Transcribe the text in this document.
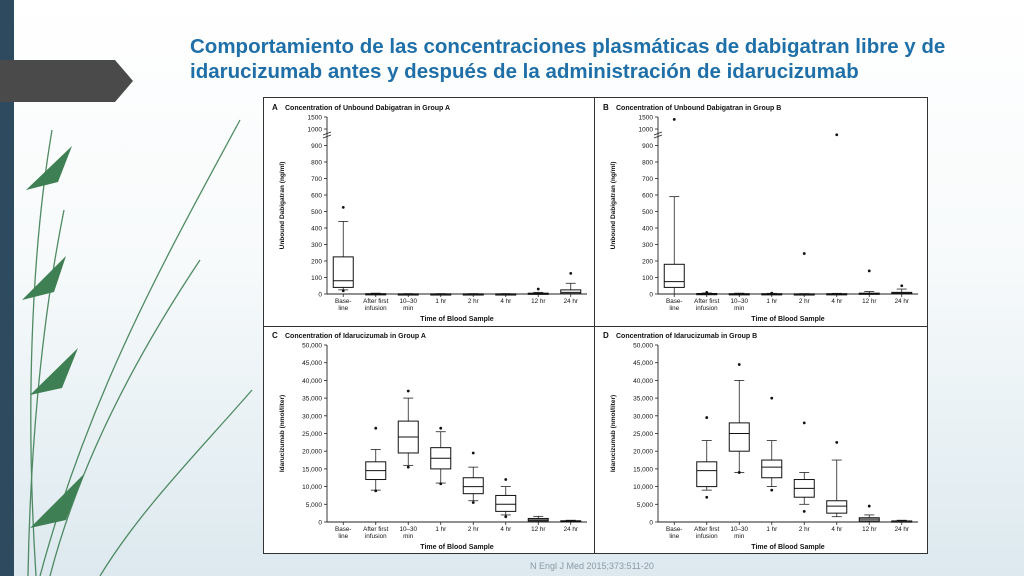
Comportamiento de las concentraciones plasmáticas de dabigatran libre y de idarucizumab antes y después de la administración de idarucizumab
A Concentration of Unbound Dabigatran in Group A
0
100
200
300
400
500
600
700
800
900
1000
1500
Unbound Dabigatran (ng/ml)
Time of Blood Sample
Base-
line
After first
infusion
10–30
min
1 hr	2 hr	4 hr	12 hr	24 hr
B Concentration of Unbound Dabigatran in Group B
0
100
200
300
400
500
600
700
800
900
1000
1500
Unbound Dabigatran (ng/ml)
Time of Blood Sample
Base-
line
After first
infusion
10–30
min
1 hr	2 hr	4 hr	12 hr	24 hr
C Concentration of Idarucizumab in Group A
0
5,000
10,000
15,000
20,000
25,000
30,000
35,000
40,000
45,000
50,000
Idarucizumab (nmol/liter)
Time of Blood Sample
Base-
line
After first
infusion
10–30
min
1 hr	2 hr	4 hr	12 hr	24 hr
D Concentration of Idarucizumab in Group B
0
5,000
10,000
15,000
20,000
25,000
30,000
35,000
40,000
45,000
50,000
Idarucizumab (nmol/liter)
Time of Blood Sample
Base-
line
After first
infusion
10–30
min
1 hr	2 hr	4 hr	12 hr	24 hr
N Engl J Med 2015;373:511-20
